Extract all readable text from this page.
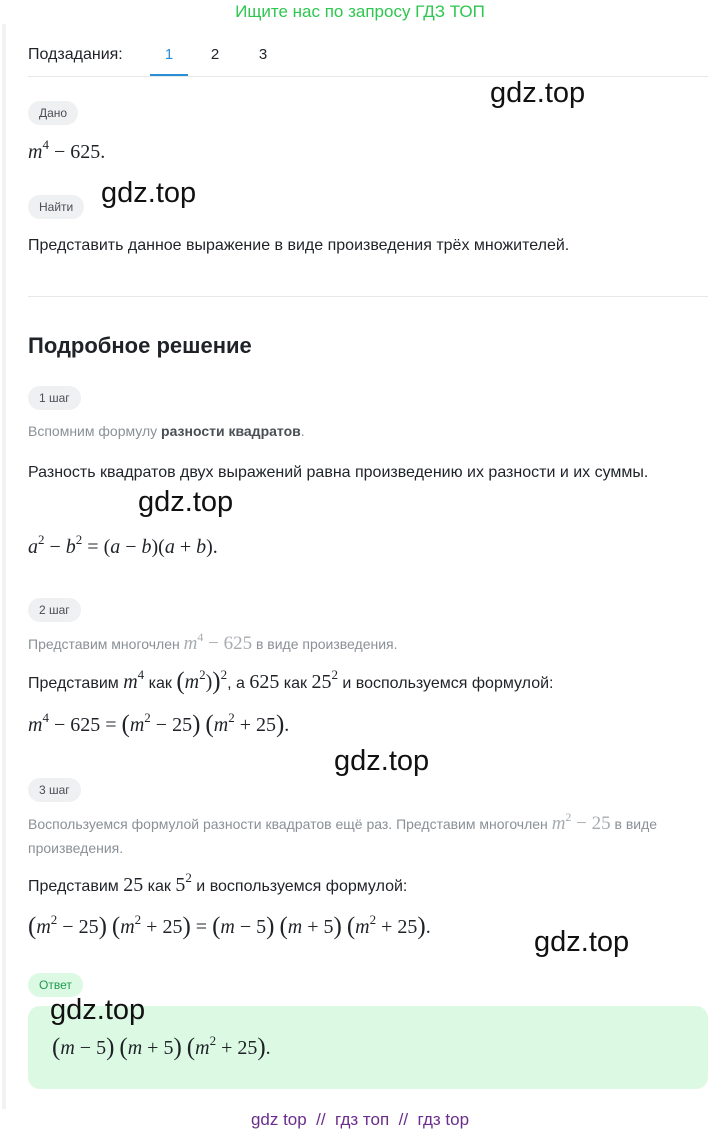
Ищите нас по запросу ГДЗ ТОП
Подзадания:	1	2	3
Дано
$m^4 - 625$.
Найти
Представить данное выражение в виде произведения трёх множителей.
Подробное решение
1 шаг
Вспомним формулу разности квадратов.
Разность квадратов двух выражений равна произведению их разности и их суммы.
$a^2 - b^2 = (a - b)(a + b)$.
2 шаг
Представим многочлен $m^4 - 625$ в виде произведения.
Представим $m^4$ как $(m^2))^2$, а 625 как $25^2$ и воспользуемся формулой:
$m^4 - 625 = (m^2 - 25) (m^2 + 25)$.
3 шаг
Воспользуемся формулой разности квадратов ещё раз. Представим многочлен $m^2 - 25$ в виде произведения.
Представим 25 как $5^2$ и воспользуемся формулой:
$(m^2 - 25) (m^2 + 25) = (m - 5) (m + 5) (m^2 + 25)$.
Ответ
(m − 5) (m + 5) $(m^2 + 25)$.
gdz.top
gdz.top
gdz.top
gdz.top
gdz.top
gdz.top
gdz top  //  гдз топ  //  гдз top
